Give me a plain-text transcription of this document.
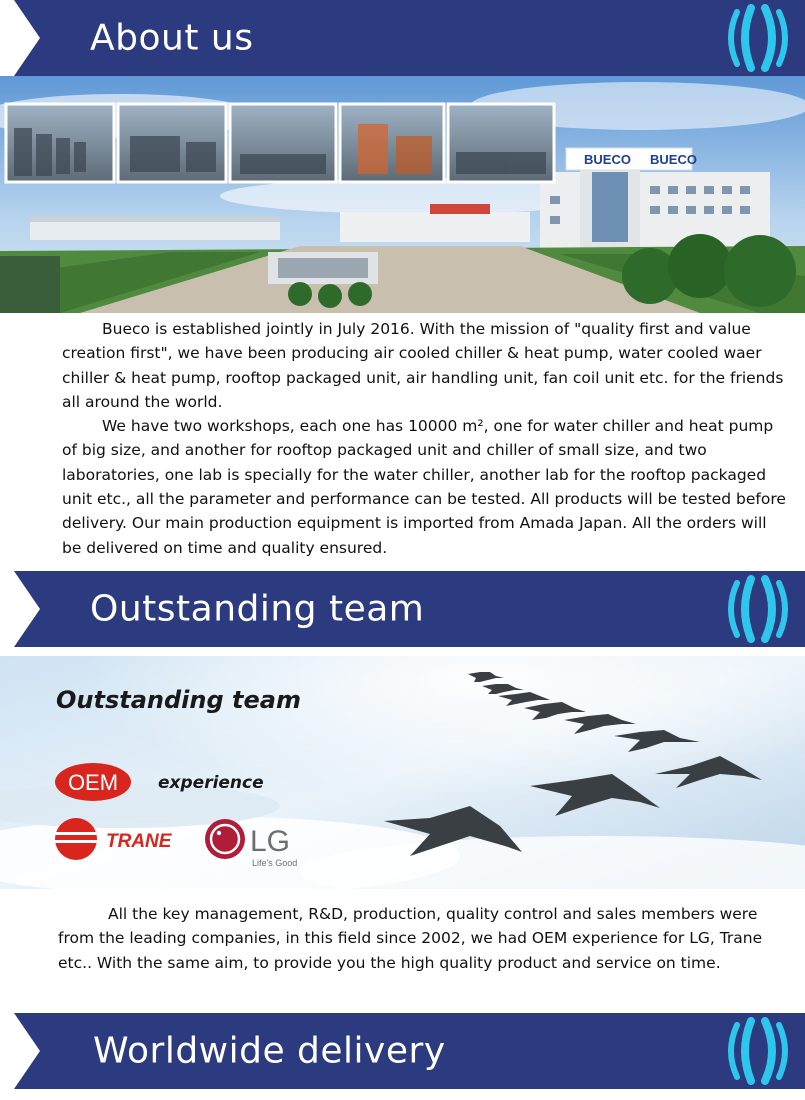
About us
BUECO BUECO

Bueco is established jointly in July 2016. With the mission of "quality first and value creation first", we have been producing air cooled chiller & heat pump, water cooled waer chiller & heat pump, rooftop packaged unit, air handling unit, fan coil unit etc. for the friends all around the world.

We have two workshops, each one has 10000 m², one for water chiller and heat pump of big size, and another for rooftop packaged unit and chiller of small size, and two laboratories, one lab is specially for the water chiller, another lab for the rooftop packaged unit etc., all the parameter and performance can be tested. All products will be tested before delivery. Our main production equipment is imported from Amada Japan. All the orders will be delivered on time and quality ensured.

Outstanding team
Outstanding team
OEM experience
TRANE	LG
Life's Good

All the key management, R&D, production, quality control and sales members were from the leading companies, in this field since 2002, we had OEM experience for LG, Trane etc.. With the same aim, to provide you the high quality product and service on time.

Worldwide delivery
